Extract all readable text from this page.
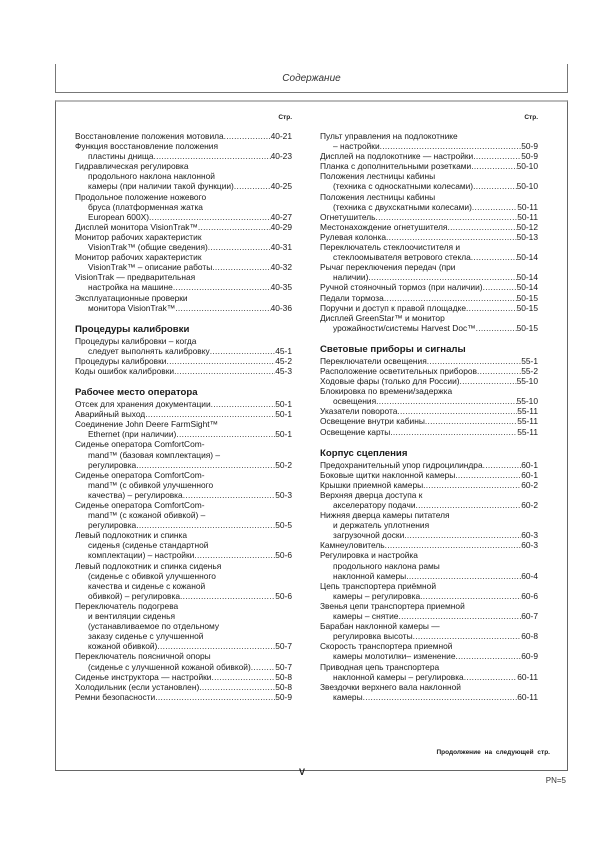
Содержание
Стр.
Восстановление положения мотовила .....	40-21
Функция восстановление положения
пластины днища .....	40-23
Гидравлическая регулировка
продольного наклона наклонной
камеры (при наличии такой функции) .....	40-25
Продольное положение ножевого
бруса (платформенная жатка
European 600X) .....	40-27
Дисплей монитора VisionTrak™ .....	40-29
Монитор рабочих характеристик
VisionTrak™ (общие сведения) .....	40-31
Монитор рабочих характеристик
VisionTrak™ – описание работы .....	40-32
VisionTrak — предварительная
настройка на машине .....	40-35
Эксплуатационные проверки
монитора VisionTrak™ .....	40-36
Процедуры калибровки
Процедуры калибровки – когда
следует выполнять калибровку .....	45-1
Процедуры калибровки .....	45-2
Коды ошибок калибровки .....	45-3
Рабочее место оператора
Отсек для хранения документации .....	50-1
Аварийный выход .....	50-1
Соединение John Deere FarmSight™
Ethernet (при наличии) .....	50-1
Сиденье оператора ComfortCom-
mand™ (базовая комплектация) –
регулировка .....	50-2
Сиденье оператора ComfortCom-
mand™ (с обивкой улучшенного
качества) – регулировка .....	50-3
Сиденье оператора ComfortCom-
mand™ (с кожаной обивкой) –
регулировка .....	50-5
Левый подлокотник и спинка
сиденья (сиденье стандартной
комплектации) – настройки .....	50-6
Левый подлокотник и спинка сиденья
(сиденье с обивкой улучшенного
качества и сиденье с кожаной
обивкой) – регулировка .....	50-6
Переключатель подогрева
и вентиляции сиденья
(устанавливаемое по отдельному
заказу сиденье с улучшенной
кожаной обивкой) .....	50-7
Переключатель поясничной опоры
(сиденье с улучшенной кожаной обивкой) .....	50-7
Сиденье инструктора — настройки .....	50-8
Холодильник (если установлен) .....	50-8
Ремни безопасности .....	50-9
Стр.
Пульт управления на подлокотнике
– настройки .....	50-9
Дисплей на подлокотнике — настройки .....	50-9
Планка с дополнительными розетками .....	50-10
Положения лестницы кабины
(техника с односкатными колесами) .....	50-10
Положения лестницы кабины
(техника с двухскатными колесами) .....	50-11
Огнетушитель .....	50-11
Местонахождение огнетушителя .....	50-12
Рулевая колонка .....	50-13
Переключатель стеклоочистителя и
стеклоомывателя ветрового стекла .....	50-14
Рычаг переключения передач (при
наличии) .....	50-14
Ручной стояночный тормоз (при наличии) .....	50-14
Педали тормоза .....	50-15
Поручни и доступ к правой площадке .....	50-15
Дисплей GreenStar™ и монитор
урожайности/системы Harvest Doc™ .....	50-15
Световые приборы и сигналы
Переключатели освещения .....	55-1
Расположение осветительных приборов .....	55-2
Ходовые фары (только для России) .....	55-10
Блокировка по времени/задержка
освещения .....	55-10
Указатели поворота .....	55-11
Освещение внутри кабины .....	55-11
Освещение карты .....	55-11
Корпус сцепления
Предохранительный упор гидроцилиндра .....	60-1
Боковые щитки наклонной камеры .....	60-1
Крышки приемной камеры .....	60-2
Верхняя дверца доступа к
акселератору подачи .....	60-2
Нижняя дверца камеры питателя
и держатель уплотнения
загрузочной доски .....	60-3
Камнеуловитель .....	60-3
Регулировка и настройка
продольного наклона рамы
наклонной камеры .....	60-4
Цепь транспортера приёмной
камеры – регулировка .....	60-6
Звенья цепи транспортера приемной
камеры – снятие .....	60-7
Барабан наклонной камеры —
регулировка высоты .....	60-8
Скорость транспортера приемной
камеры молотилки– изменение .....	60-9
Приводная цепь транспортера
наклонной камеры – регулировка .....	60-11
Звездочки верхнего вала наклонной
камеры .....	60-11
Продолжение на следующей стр.
V
PN=5
